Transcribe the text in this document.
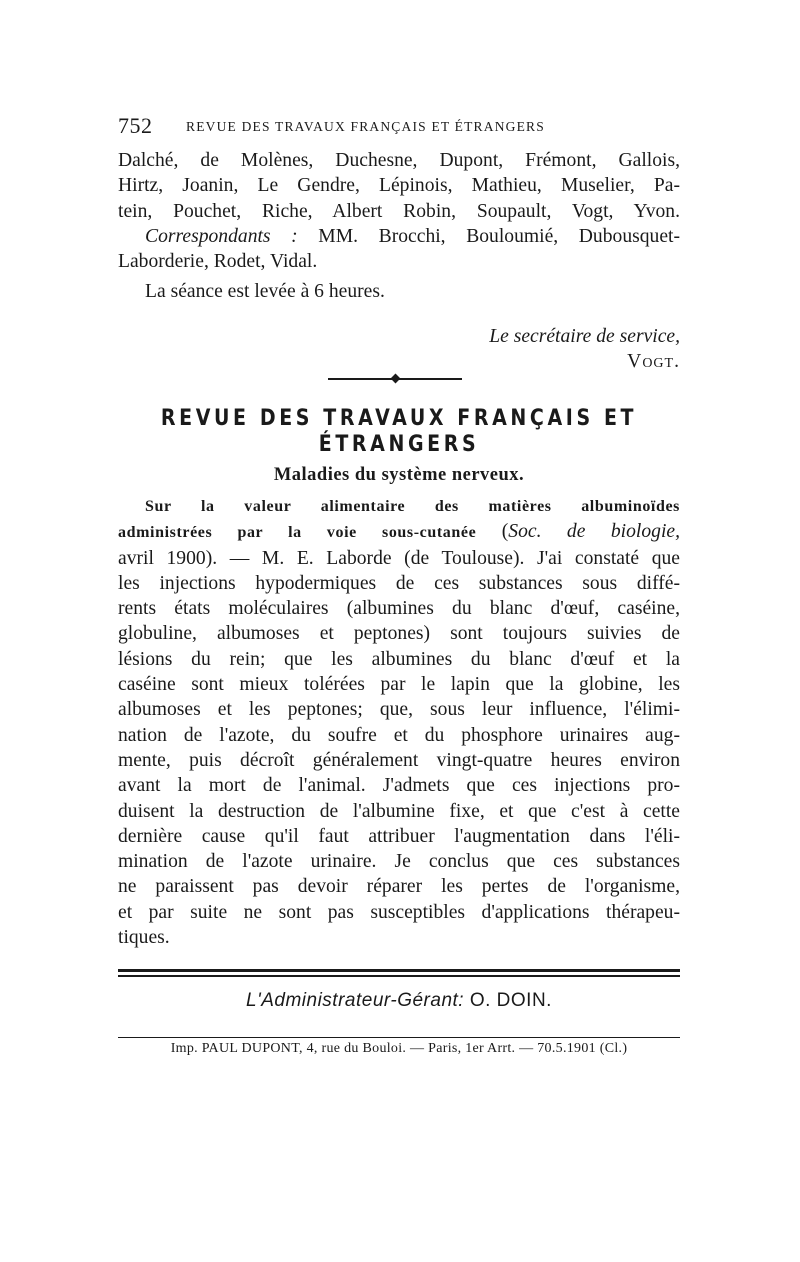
752 REVUE DES TRAVAUX FRANÇAIS ET ÉTRANGERS
Dalché, de Molènes, Duchesne, Dupont, Frémont, Gallois,
Hirtz, Joanin, Le Gendre, Lépinois, Mathieu, Muselier, Pa-
tein, Pouchet, Riche, Albert Robin, Soupault, Vogt, Yvon.
Correspondants : MM. Brocchi, Bouloumié, Dubousquet-
Laborderie, Rodet, Vidal.
La séance est levée à 6 heures.
Le secrétaire de service,
Vogt.
REVUE DES TRAVAUX FRANÇAIS ET ÉTRANGERS
Maladies du système nerveux.
Sur la valeur alimentaire des matières albuminoïdes
administrées par la voie sous-cutanée (Soc. de biologie,
avril 1900). — M. E. Laborde (de Toulouse). J'ai constaté que
les injections hypodermiques de ces substances sous diffé-
rents états moléculaires (albumines du blanc d'œuf, caséine,
globuline, albumoses et peptones) sont toujours suivies de
lésions du rein; que les albumines du blanc d'œuf et la
caséine sont mieux tolérées par le lapin que la globine, les
albumoses et les peptones; que, sous leur influence, l'élimi-
nation de l'azote, du soufre et du phosphore urinaires aug-
mente, puis décroît généralement vingt-quatre heures environ
avant la mort de l'animal. J'admets que ces injections pro-
duisent la destruction de l'albumine fixe, et que c'est à cette
dernière cause qu'il faut attribuer l'augmentation dans l'éli-
mination de l'azote urinaire. Je conclus que ces substances
ne paraissent pas devoir réparer les pertes de l'organisme,
et par suite ne sont pas susceptibles d'applications thérapeu-
tiques.
L'Administrateur-Gérant: O. DOIN.
Imp. PAUL DUPONT, 4, rue du Bouloi. — Paris, 1er Arrt. — 70.5.1901 (Cl.)
